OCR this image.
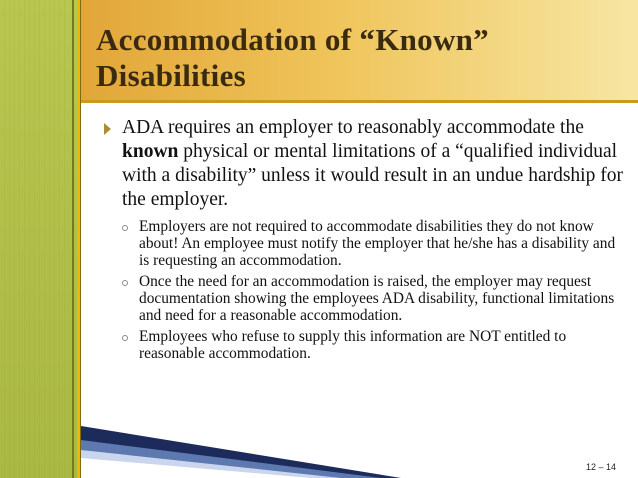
Accommodation of “Known”
Disabilities

ADA requires an employer to reasonably accommodate the known physical or mental limitations of a “qualified individual with a disability” unless it would result in an undue hardship for the employer.

Employers are not required to accommodate disabilities they do not know about! An employee must notify the employer that he/she has a disability and is requesting an accommodation.
Once the need for an accommodation is raised, the employer may request documentation showing the employees ADA disability, functional limitations and need for a reasonable accommodation.
Employees who refuse to supply this information are NOT entitled to reasonable accommodation.
12 – 14
